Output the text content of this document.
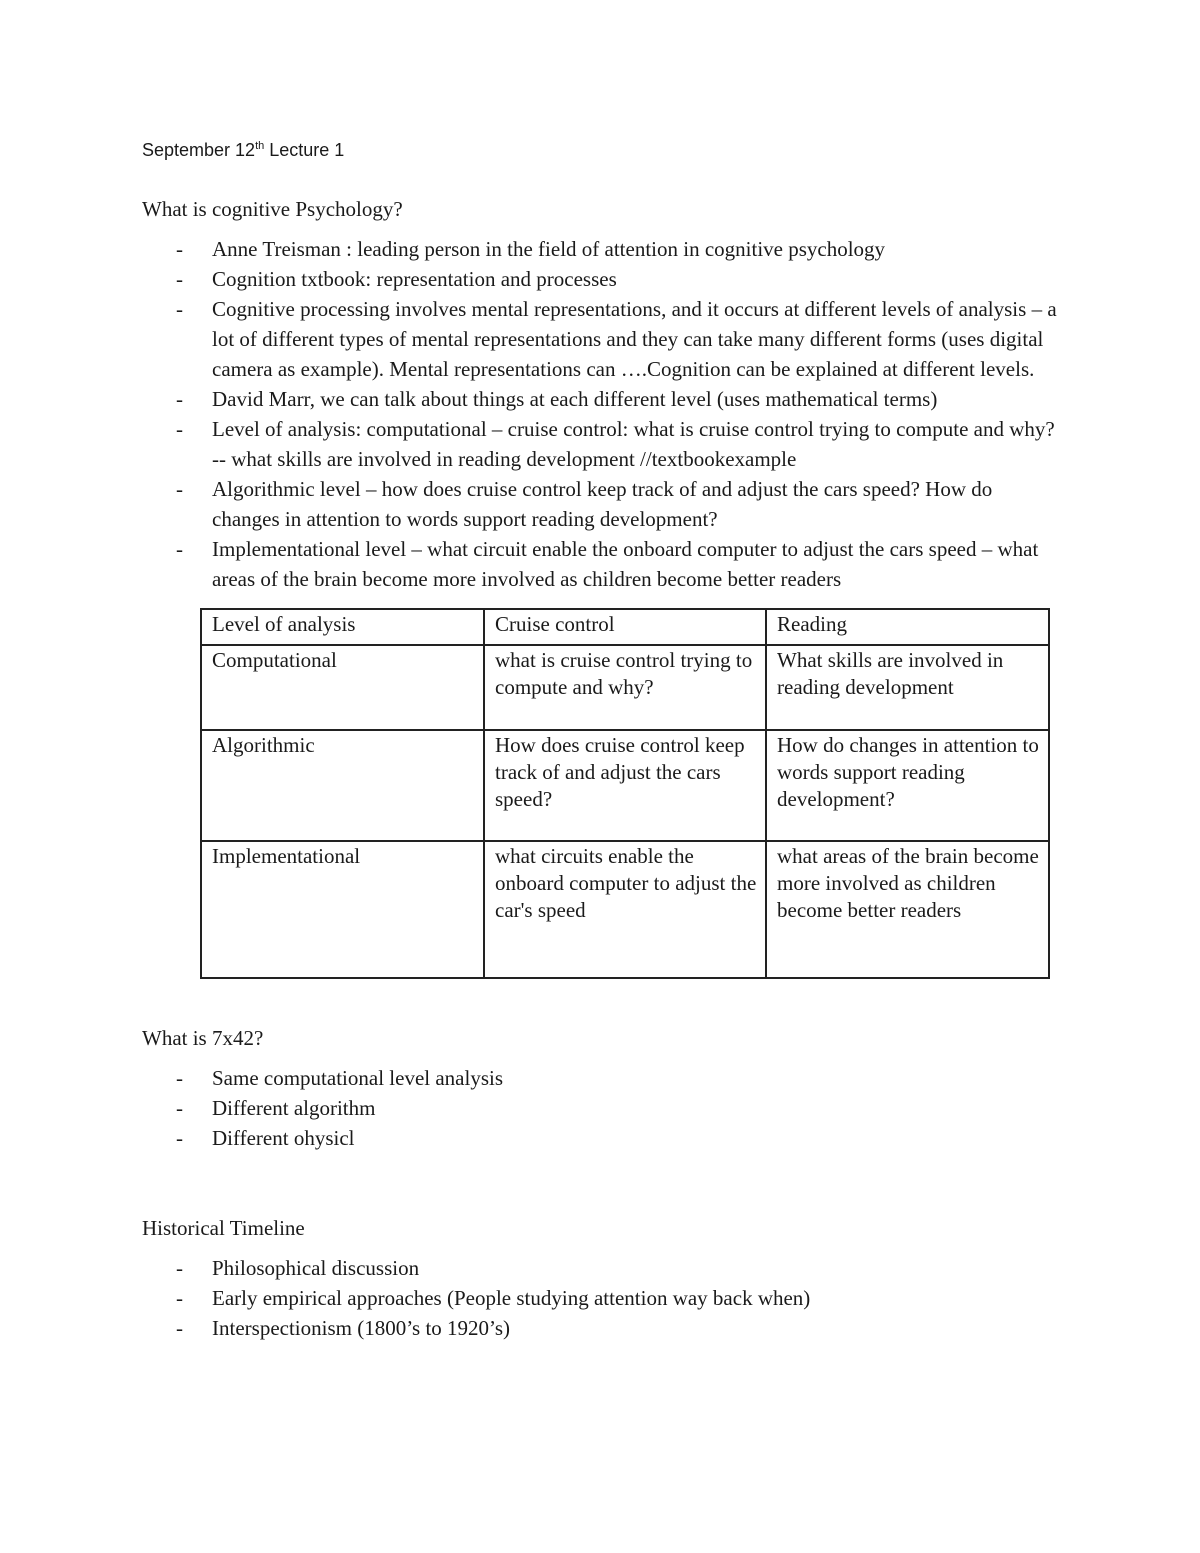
September 12th Lecture 1

What is cognitive Psychology?

- Anne Treisman : leading person in the field of attention in cognitive psychology
- Cognition txtbook: representation and processes
- Cognitive processing involves mental representations, and it occurs at different levels of analysis – a lot of different types of mental representations and they can take many different forms (uses digital camera as example). Mental representations can ….Cognition can be explained at different levels.
- David Marr, we can talk about things at each different level (uses mathematical terms)
- Level of analysis: computational – cruise control: what is cruise control trying to compute and why? -- what skills are involved in reading development //textbookexample
- Algorithmic level – how does cruise control keep track of and adjust the cars speed? How do changes in attention to words support reading development?
- Implementational level – what circuit enable the onboard computer to adjust the cars speed – what areas of the brain become more involved as children become better readers
Level of analysis	Cruise control	Reading
Computational	what is cruise control trying to compute and why?	What skills are involved in reading development
Algorithmic	How does cruise control keep track of and adjust the cars speed?	How do changes in attention to words support reading development?
Implementational	what circuits enable the onboard computer to adjust the car's speed	what areas of the brain become more involved as children become better readers

What is 7x42?

- Same computational level analysis
- Different algorithm
- Different ohysicl

Historical Timeline

- Philosophical discussion
- Early empirical approaches (People studying attention way back when)
- Interspectionism (1800’s to 1920’s)
